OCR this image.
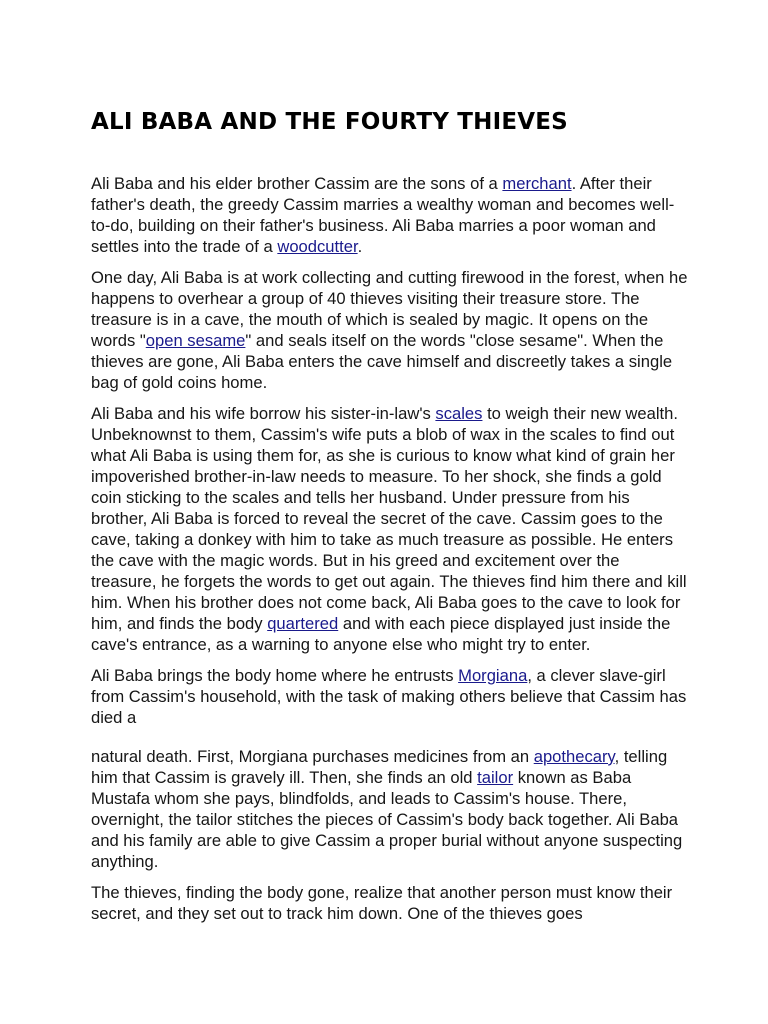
ALI BABA AND THE FOURTY THIEVES

Ali Baba and his elder brother Cassim are the sons of a merchant. After their father's death, the greedy Cassim marries a wealthy woman and becomes well-to-do, building on their father's business. Ali Baba marries a poor woman and settles into the trade of a woodcutter.

One day, Ali Baba is at work collecting and cutting firewood in the forest, when he happens to overhear a group of 40 thieves visiting their treasure store. The treasure is in a cave, the mouth of which is sealed by magic. It opens on the words "open sesame" and seals itself on the words "close sesame". When the thieves are gone, Ali Baba enters the cave himself and discreetly takes a single bag of gold coins home.

Ali Baba and his wife borrow his sister-in-law's scales to weigh their new wealth. Unbeknownst to them, Cassim's wife puts a blob of wax in the scales to find out what Ali Baba is using them for, as she is curious to know what kind of grain her impoverished brother-in-law needs to measure. To her shock, she finds a gold coin sticking to the scales and tells her husband. Under pressure from his brother, Ali Baba is forced to reveal the secret of the cave. Cassim goes to the cave, taking a donkey with him to take as much treasure as possible. He enters the cave with the magic words. But in his greed and excitement over the treasure, he forgets the words to get out again. The thieves find him there and kill him. When his brother does not come back, Ali Baba goes to the cave to look for him, and finds the body quartered and with each piece displayed just inside the cave's entrance, as a warning to anyone else who might try to enter.

Ali Baba brings the body home where he entrusts Morgiana, a clever slave-girl from Cassim's household, with the task of making others believe that Cassim has died a

natural death. First, Morgiana purchases medicines from an apothecary, telling him that Cassim is gravely ill. Then, she finds an old tailor known as Baba Mustafa whom she pays, blindfolds, and leads to Cassim's house. There, overnight, the tailor stitches the pieces of Cassim's body back together. Ali Baba and his family are able to give Cassim a proper burial without anyone suspecting anything.

The thieves, finding the body gone, realize that another person must know their secret, and they set out to track him down. One of the thieves goes
